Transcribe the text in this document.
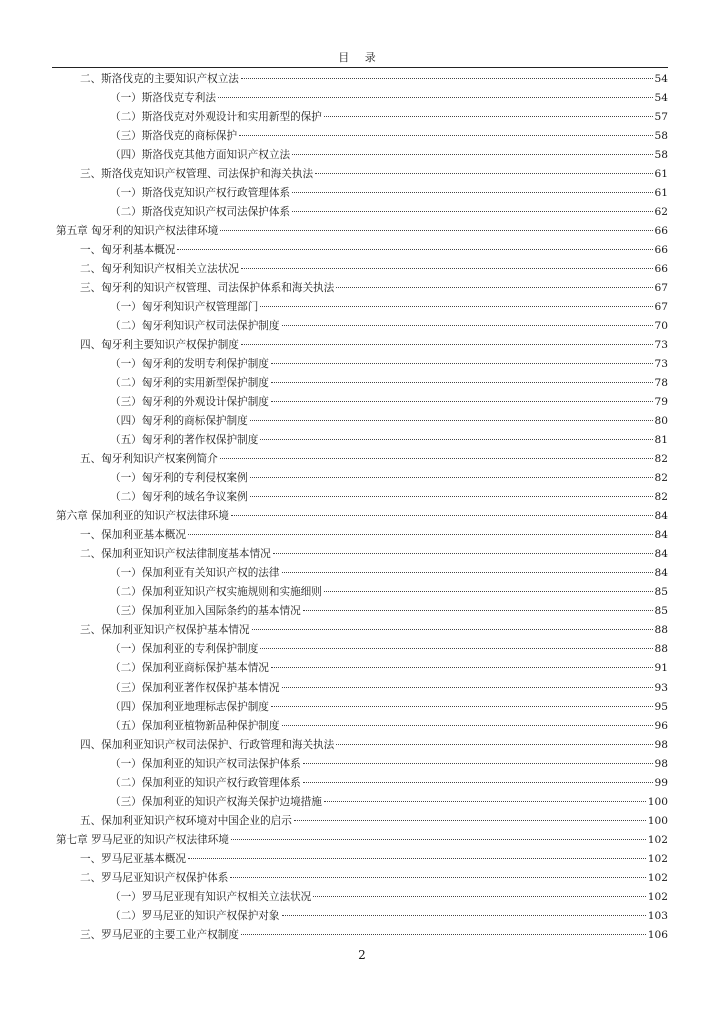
目 录
二、斯洛伐克的主要知识产权立法	54
（一）斯洛伐克专利法	54
（二）斯洛伐克对外观设计和实用新型的保护	57
（三）斯洛伐克的商标保护	58
（四）斯洛伐克其他方面知识产权立法	58
三、斯洛伐克知识产权管理、司法保护和海关执法	61
（一）斯洛伐克知识产权行政管理体系	61
（二）斯洛伐克知识产权司法保护体系	62
第五章 匈牙利的知识产权法律环境	66
一、匈牙利基本概况	66
二、匈牙利知识产权相关立法状况	66
三、匈牙利的知识产权管理、司法保护体系和海关执法	67
（一）匈牙利知识产权管理部门	67
（二）匈牙利知识产权司法保护制度	70
四、匈牙利主要知识产权保护制度	73
（一）匈牙利的发明专利保护制度	73
（二）匈牙利的实用新型保护制度	78
（三）匈牙利的外观设计保护制度	79
（四）匈牙利的商标保护制度	80
（五）匈牙利的著作权保护制度	81
五、匈牙利知识产权案例简介	82
（一）匈牙利的专利侵权案例	82
（二）匈牙利的域名争议案例	82
第六章 保加利亚的知识产权法律环境	84
一、保加利亚基本概况	84
二、保加利亚知识产权法律制度基本情况	84
（一）保加利亚有关知识产权的法律	84
（二）保加利亚知识产权实施规则和实施细则	85
（三）保加利亚加入国际条约的基本情况	85
三、保加利亚知识产权保护基本情况	88
（一）保加利亚的专利保护制度	88
（二）保加利亚商标保护基本情况	91
（三）保加利亚著作权保护基本情况	93
（四）保加利亚地理标志保护制度	95
（五）保加利亚植物新品种保护制度	96
四、保加利亚知识产权司法保护、行政管理和海关执法	98
（一）保加利亚的知识产权司法保护体系	98
（二）保加利亚的知识产权行政管理体系	99
（三）保加利亚的知识产权海关保护边境措施	100
五、保加利亚知识产权环境对中国企业的启示	100
第七章 罗马尼亚的知识产权法律环境	102
一、罗马尼亚基本概况	102
二、罗马尼亚知识产权保护体系	102
（一）罗马尼亚现有知识产权相关立法状况	102
（二）罗马尼亚的知识产权保护对象	103
三、罗马尼亚的主要工业产权制度	106
2
